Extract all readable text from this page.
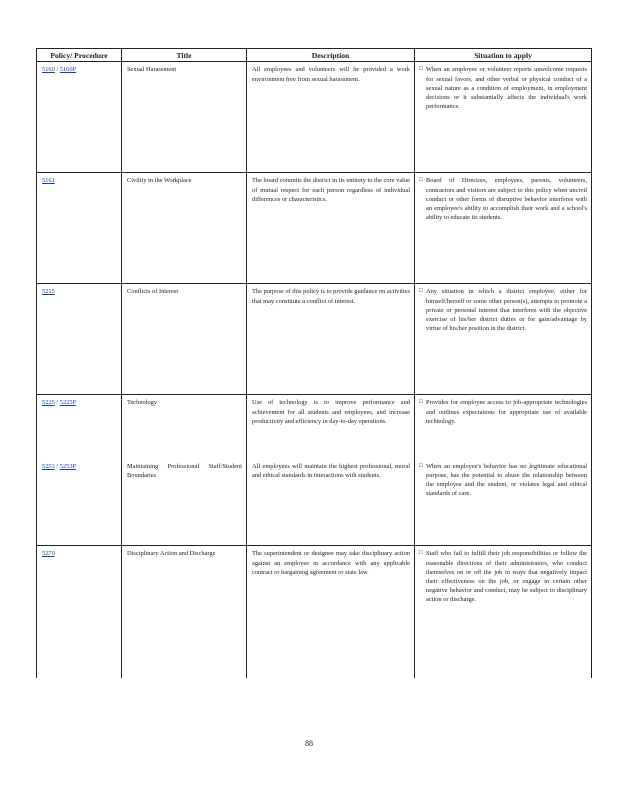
Policy/ Procedure	Title	Description	Situation to apply
5160 / 5160P	Sexual Harassment	All employees and volunteers will be provided a work environment free from sexual harassment.	□ When an employee or volunteer reports unwelcome requests for sexual favors, and other verbal or physical conduct of a sexual nature as a condition of employment, in employment decisions or it substantially affects the individual's work performance.

5161	Civility in the Workplace	The board commits the district in its entirety to the core value of mutual respect for each person regardless of individual differences or characteristics.	□ Board of Directors, employees, parents, volunteers, contractors and visitors are subject to this policy when uncivil conduct or other forms of disruptive behavior interferes with an employee's ability to accomplish their work and a school's ability to educate its students.

5215	Conflicts of Interest	The purpose of this policy is to provide guidance on activities that may constitute a conflict of interest.	□ Any situation in which a district employee, either for himself/herself or some other person(s), attempts to promote a private or personal interest that interferes with the objective exercise of his/her district duties or for gain/advantage by virtue of his/her position in the district.

5225 / 5225P	Technology	Use of technology is to improve performance and achievement for all students and employees, and increase productivity and efficiency in day-to-day operations.	□ Provides for employee access to job-appropriate technologies and outlines expectations for appropriate use of available technology.

5253 / 5253P	Maintaining Professional Staff/Student Boundaries	All employees will maintain the highest professional, moral and ethical standards in interactions with students.	□ When an employee's behavior has no legitimate educational purpose, has the potential to abuse the relationship between the employee and the student, or violates legal and ethical standards of care.

5270	Disciplinary Action and Discharge	The superintendent or designee may take disciplinary action against an employee in accordance with any applicable contract or bargaining agreement or state law.	□ Staff who fail to fulfill their job responsibilities or follow the reasonable directions of their administrators, who conduct themselves on or off the job in ways that negatively impact their effectiveness on the job, or engage in certain other negative behavior and conduct, may be subject to disciplinary action or discharge.
88
